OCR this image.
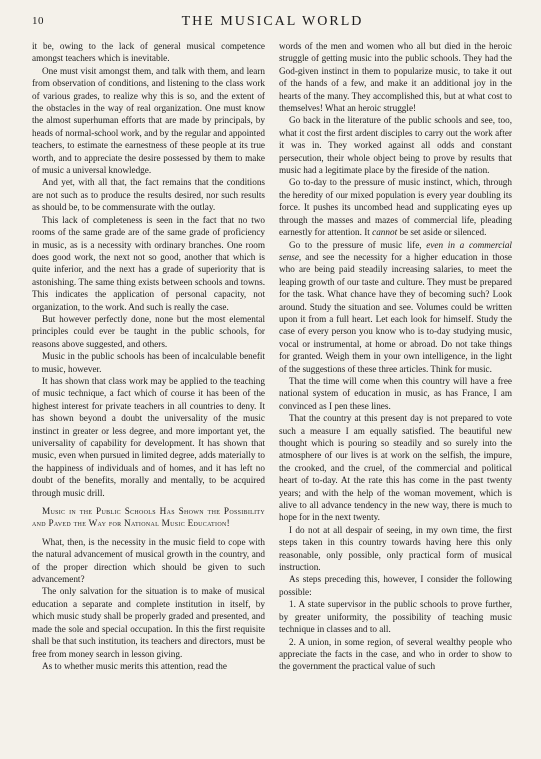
10	THE MUSICAL WORLD

it be, owing to the lack of general musical competence amongst teachers which is inevitable.

One must visit amongst them, and talk with them, and learn from observation of conditions, and listening to the class work of various grades, to realize why this is so, and the extent of the obstacles in the way of real organization. One must know the almost superhuman efforts that are made by principals, by heads of normal-school work, and by the regular and appointed teachers, to estimate the earnestness of these people at its true worth, and to appreciate the desire possessed by them to make of music a universal knowledge.

And yet, with all that, the fact remains that the conditions are not such as to produce the results desired, nor such results as should be, to be commensurate with the outlay.

This lack of completeness is seen in the fact that no two rooms of the same grade are of the same grade of proficiency in music, as is a necessity with ordinary branches. One room does good work, the next not so good, another that which is quite inferior, and the next has a grade of superiority that is astonishing. The same thing exists between schools and towns. This indicates the application of personal capacity, not organization, to the work. And such is really the case.

But however perfectly done, none but the most elemental principles could ever be taught in the public schools, for reasons above suggested, and others.

Music in the public schools has been of incalculable benefit to music, however.

It has shown that class work may be applied to the teaching of music technique, a fact which of course it has been of the highest interest for private teachers in all countries to deny. It has shown beyond a doubt the universality of the music instinct in greater or less degree, and more important yet, the universality of capability for development. It has shown that music, even when pursued in limited degree, adds materially to the happiness of individuals and of homes, and it has left no doubt of the benefits, morally and mentally, to be acquired through music drill.

Music in the Public Schools Has Shown the Possibility and Paved the Way for National Music Education!

What, then, is the necessity in the music field to cope with the natural advancement of musical growth in the country, and of the proper direction which should be given to such advancement?

The only salvation for the situation is to make of musical education a separate and complete institution in itself, by which music study shall be properly graded and presented, and made the sole and special occupation. In this the first requisite shall be that such institution, its teachers and directors, must be free from money search in lesson giving.

As to whether music merits this attention, read the

words of the men and women who all but died in the heroic struggle of getting music into the public schools. They had the God-given instinct in them to popularize music, to take it out of the hands of a few, and make it an additional joy in the hearts of the many. They accomplished this, but at what cost to themselves! What an heroic struggle!

Go back in the literature of the public schools and see, too, what it cost the first ardent disciples to carry out the work after it was in. They worked against all odds and constant persecution, their whole object being to prove by results that music had a legitimate place by the fireside of the nation.

Go to-day to the pressure of music instinct, which, through the heredity of our mixed population is every year doubling its force. It pushes its uncombed head and supplicating eyes up through the masses and mazes of commercial life, pleading earnestly for attention. It cannot be set aside or silenced.

Go to the pressure of music life, even in a commercial sense, and see the necessity for a higher education in those who are being paid steadily increasing salaries, to meet the leaping growth of our taste and culture. They must be prepared for the task. What chance have they of becoming such? Look around. Study the situation and see. Volumes could be written upon it from a full heart. Let each look for himself. Study the case of every person you know who is to-day studying music, vocal or instrumental, at home or abroad. Do not take things for granted. Weigh them in your own intelligence, in the light of the suggestions of these three articles. Think for music.

That the time will come when this country will have a free national system of education in music, as has France, I am convinced as I pen these lines.

That the country at this present day is not prepared to vote such a measure I am equally satisfied. The beautiful new thought which is pouring so steadily and so surely into the atmosphere of our lives is at work on the selfish, the impure, the crooked, and the cruel, of the commercial and political heart of to-day. At the rate this has come in the past twenty years; and with the help of the woman movement, which is alive to all advance tendency in the new way, there is much to hope for in the next twenty.

I do not at all despair of seeing, in my own time, the first steps taken in this country towards having here this only reasonable, only possible, only practical form of musical instruction.

As steps preceding this, however, I consider the following possible:

1. A state supervisor in the public schools to prove further, by greater uniformity, the possibility of teaching music technique in classes and to all.

2. A union, in some region, of several wealthy people who appreciate the facts in the case, and who in order to show to the government the practical value of such
